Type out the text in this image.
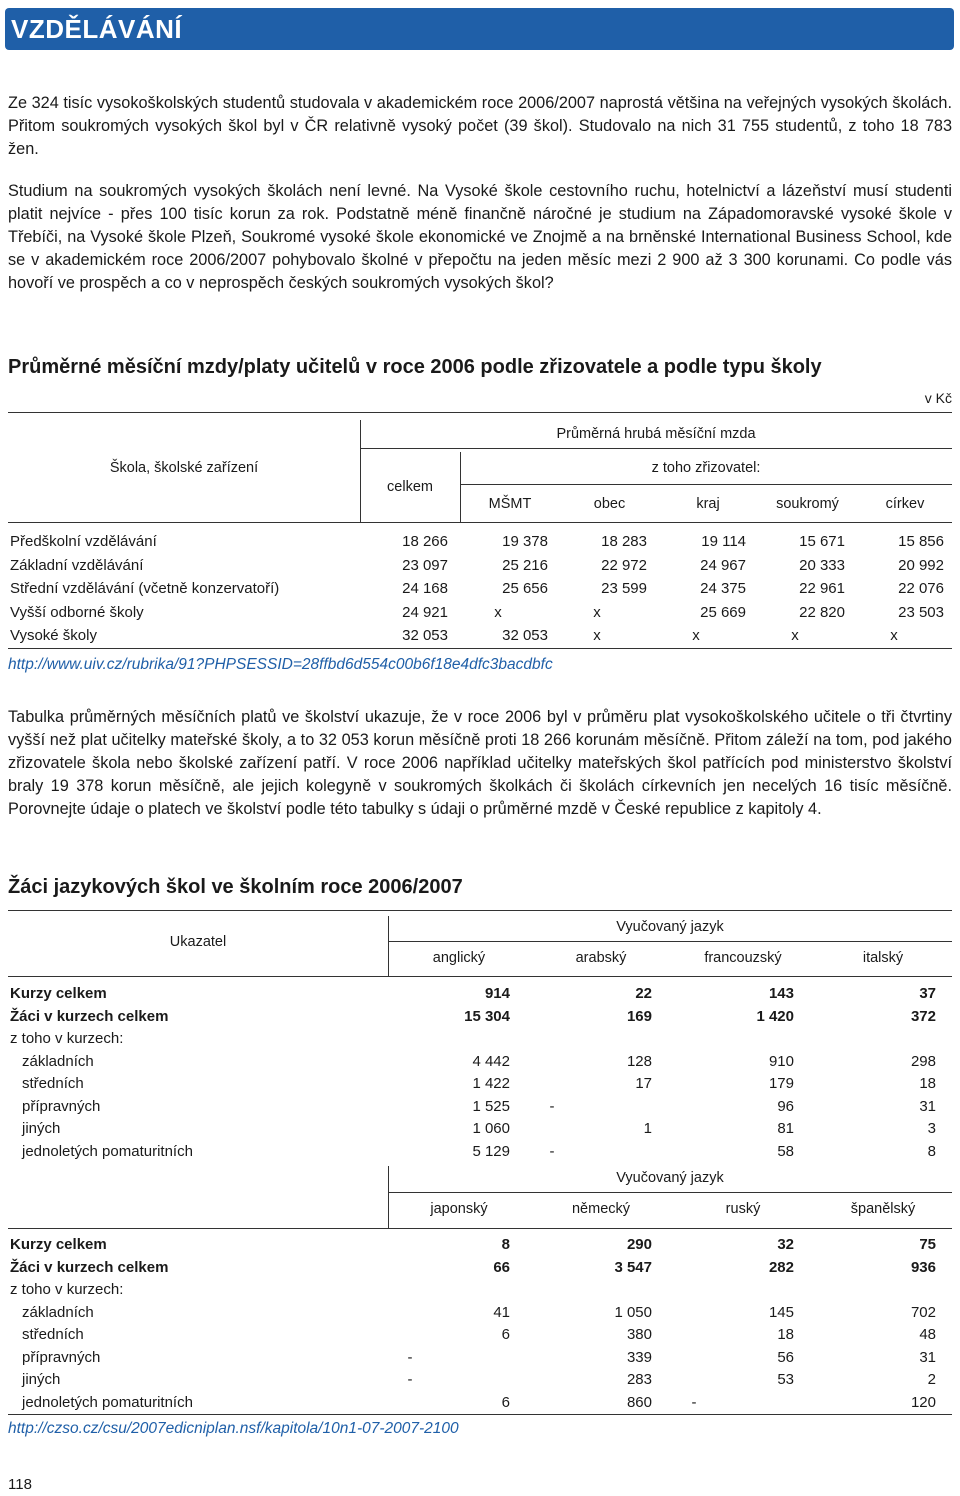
VZDĚLÁVÁNÍ

Ze 324 tisíc vysokoškolských studentů studovala v akademickém roce 2006/2007 naprostá většina na veřejných vysokých školách. Přitom soukromých vysokých škol byl v ČR relativně vysoký počet (39 škol). Studovalo na nich 31 755 studentů, z toho 18 783 žen.

Studium na soukromých vysokých školách není levné. Na Vysoké škole cestovního ruchu, hotelnictví a lázeňství musí studenti platit nejvíce - přes 100 tisíc korun za rok. Podstatně méně finančně náročné je studium na Západomoravské vysoké škole v Třebíči, na Vysoké škole Plzeň, Soukromé vysoké škole ekonomické ve Znojmě a na brněnské International Business School, kde se v akademickém roce 2006/2007 pohybovalo školné v přepočtu na jeden měsíc mezi 2 900 až 3 300 korunami. Co podle vás hovoří ve prospěch a co v neprospěch českých soukromých vysokých škol?

Průměrné měsíční mzdy/platy učitelů v roce 2006 podle zřizovatele a podle typu školy
v Kč
Průměrná hrubá měsíční mzda
Škola, školské zařízení
celkem
z toho zřizovatel:
MŠMT	obec	kraj	soukromý	církev
Předškolní vzdělávání	18 266	19 378	18 283	19 114	15 671	15 856
Základní vzdělávání	23 097	25 216	22 972	24 967	20 333	20 992
Střední vzdělávání (včetně konzervatoří)	24 168	25 656	23 599	24 375	22 961	22 076
Vyšší odborné školy	24 921	x	x	25 669	22 820	23 503
Vysoké školy	32 053	32 053	x	x	x	x
http://www.uiv.cz/rubrika/91?PHPSESSID=28ffbd6d554c00b6f18e4dfc3bacdbfc

Tabulka průměrných měsíčních platů ve školství ukazuje, že v roce 2006 byl v průměru plat vysokoškolského učitele o tři čtvrtiny vyšší než plat učitelky mateřské školy, a to 32 053 korun měsíčně proti 18 266 korunám měsíčně. Přitom záleží na tom, pod jakého zřizovatele škola nebo školské zařízení patří. V roce 2006 například učitelky mateřských škol patřících pod ministerstvo školství braly 19 378 korun měsíčně, ale jejich kolegyně v soukromých školkách či školách církevních jen necelých 16 tisíc měsíčně. Porovnejte údaje o platech ve školství podle této tabulky s údaji o průměrné mzdě v České republice z kapitoly 4.

Žáci jazykových škol ve školním roce 2006/2007
Ukazatel
Vyučovaný jazyk
anglický	arabský	francouzský	italský
Kurzy celkem	914	22	143	37
Žáci v kurzech celkem	15 304	169	1 420	372
z toho v kurzech:
základních	4 442	128	910	298
středních	1 422	17	179	18
přípravných	1 525	-	96	31
jiných	1 060	1	81	3
jednoletých pomaturitních	5 129	-	58	8
Vyučovaný jazyk
japonský	německý	ruský	španělský
Kurzy celkem	8	290	32	75
Žáci v kurzech celkem	66	3 547	282	936
z toho v kurzech:
základních	41	1 050	145	702
středních	6	380	18	48
přípravných	-	339	56	31
jiných	-	283	53	2
jednoletých pomaturitních	6	860	-	120
http://czso.cz/csu/2007edicniplan.nsf/kapitola/10n1-07-2007-2100
118
